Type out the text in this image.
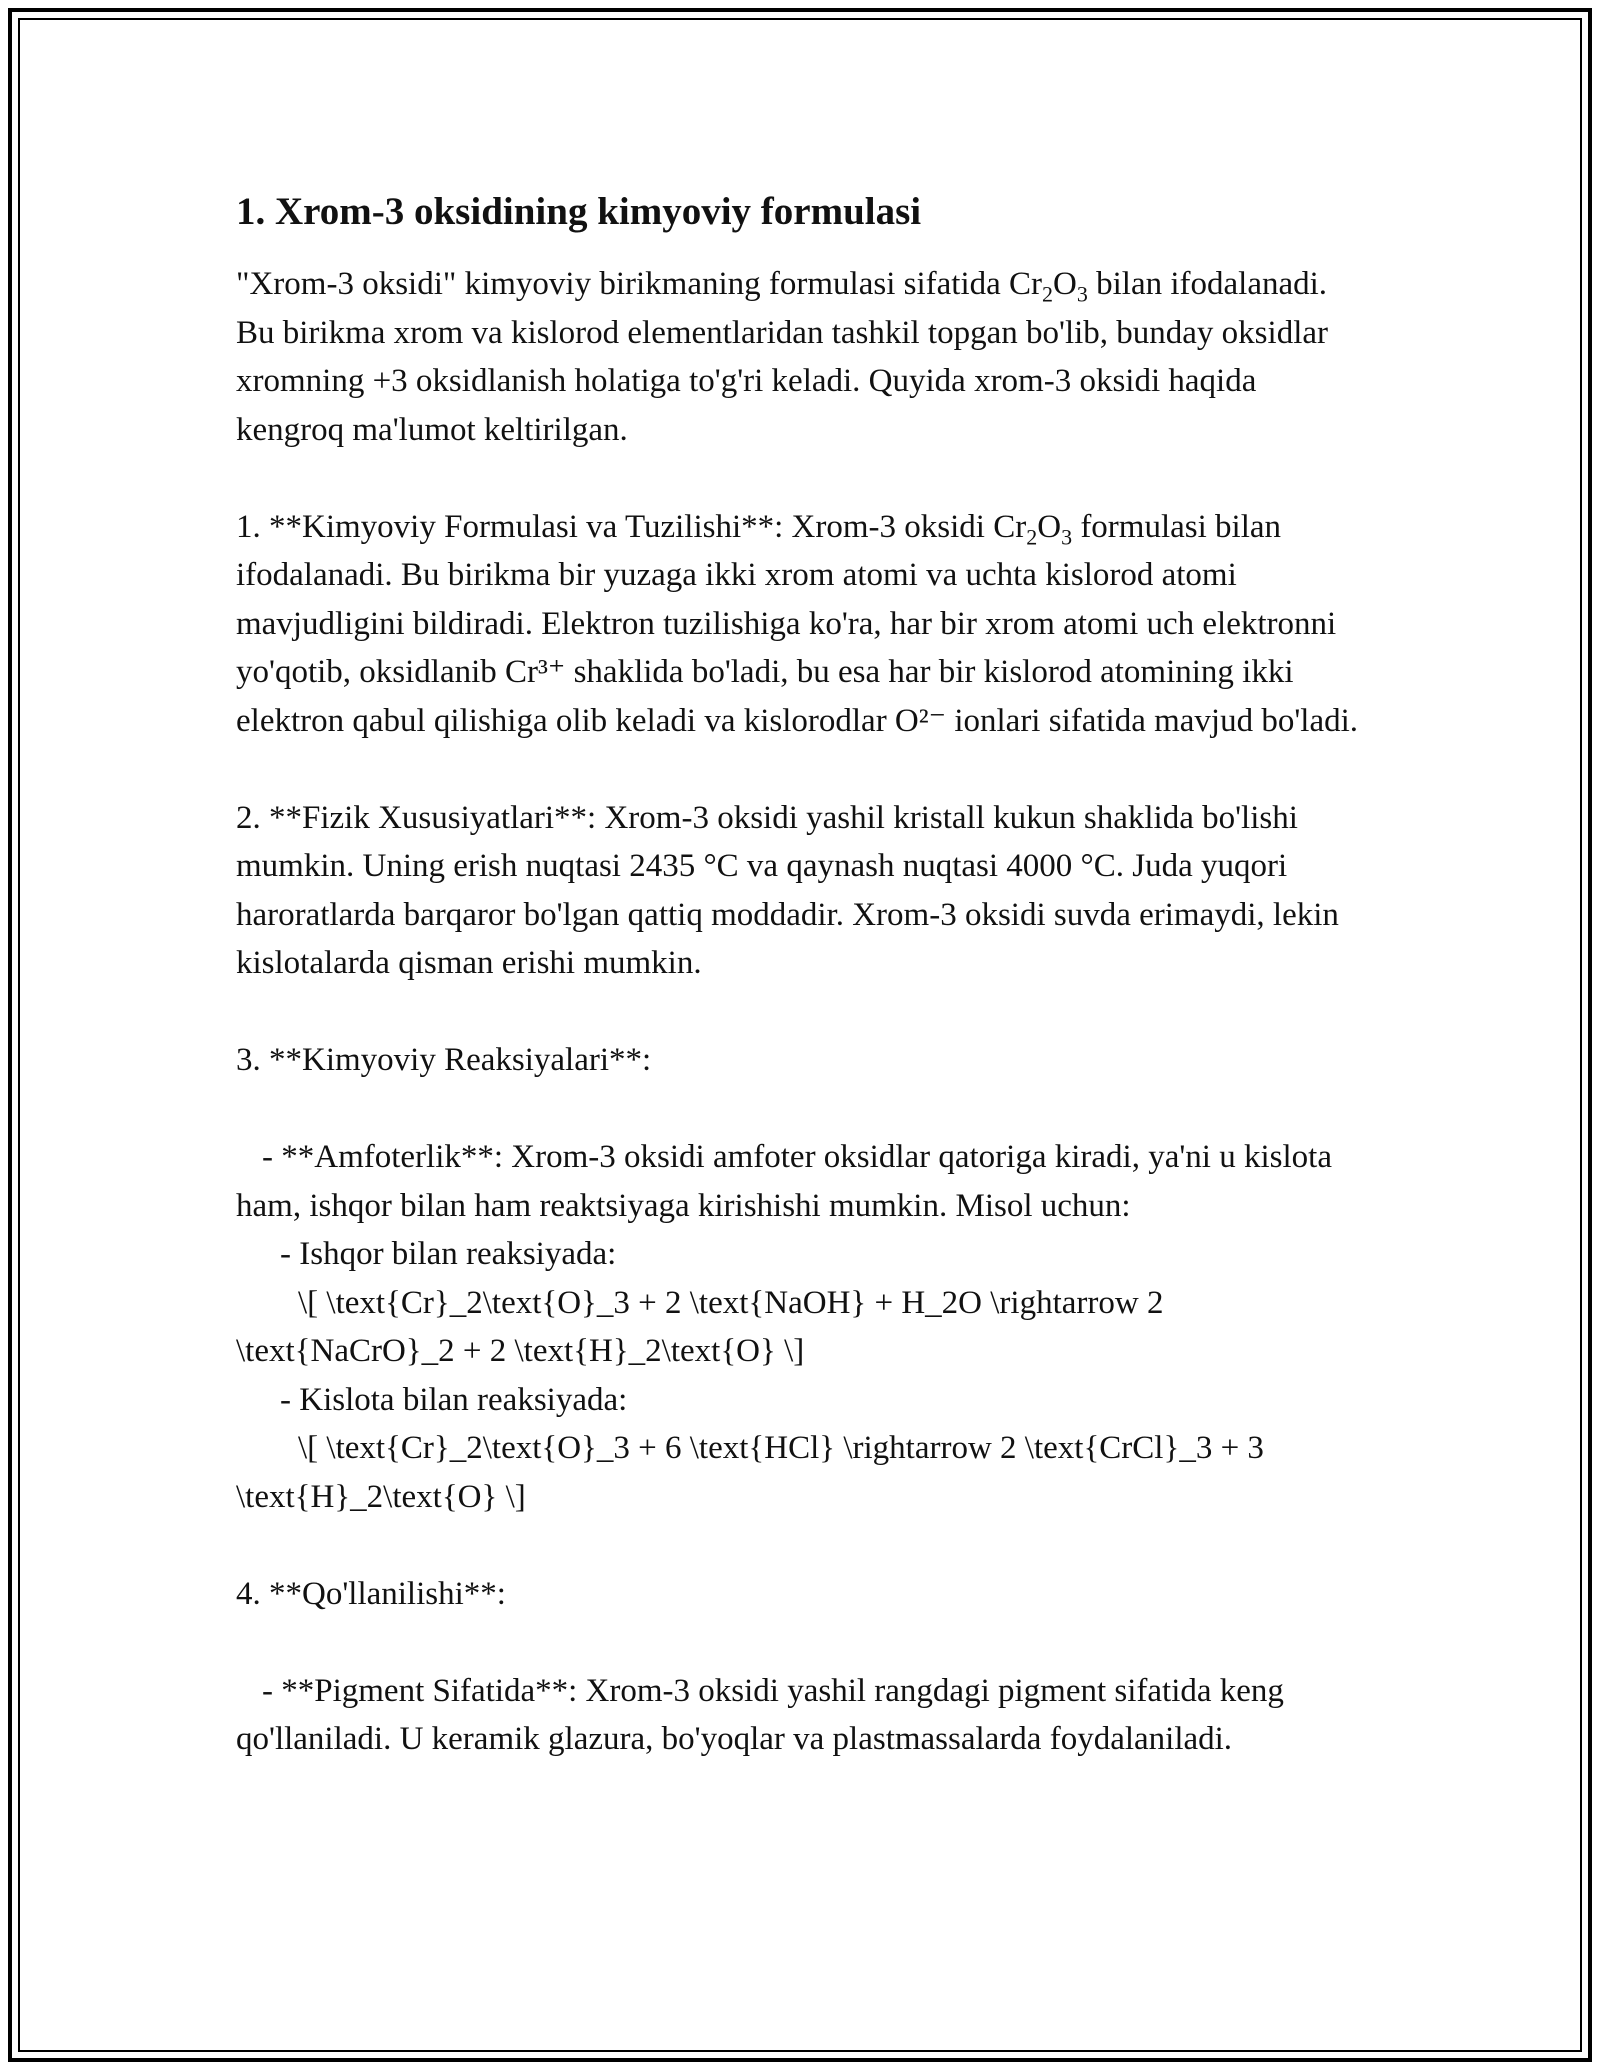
1. Xrom-3 oksidining kimyoviy formulasi

"Xrom-3 oksidi" kimyoviy birikmaning formulasi sifatida $Cr_2O_3$ bilan ifodalanadi. Bu birikma xrom va kislorod elementlaridan tashkil topgan bo'lib, bunday oksidlar xromning +3 oksidlanish holatiga to'g'ri keladi. Quyida xrom-3 oksidi haqida kengroq ma'lumot keltirilgan.

1. **Kimyoviy Formulasi va Tuzilishi**: Xrom-3 oksidi $Cr_2O_3$ formulasi bilan ifodalanadi. Bu birikma bir yuzaga ikki xrom atomi va uchta kislorod atomi mavjudligini bildiradi. Elektron tuzilishiga ko'ra, har bir xrom atomi uch elektronni yo'qotib, oksidlanib Cr³⁺ shaklida bo'ladi, bu esa har bir kislorod atomining ikki elektron qabul qilishiga olib keladi va kislorodlar O²⁻ ionlari sifatida mavjud bo'ladi.

2. **Fizik Xususiyatlari**: Xrom-3 oksidi yashil kristall kukun shaklida bo'lishi mumkin. Uning erish nuqtasi 2435 °C va qaynash nuqtasi 4000 °C. Juda yuqori haroratlarda barqaror bo'lgan qattiq moddadir. Xrom-3 oksidi suvda erimaydi, lekin kislotalarda qisman erishi mumkin.

3. **Kimyoviy Reaksiyalari**:

- **Amfoterlik**: Xrom-3 oksidi amfoter oksidlar qatoriga kiradi, ya'ni u kislota ham, ishqor bilan ham reaktsiyaga kirishishi mumkin. Misol uchun:

- Ishqor bilan reaksiyada:

\[ \text{Cr}_2\text{O}_3 + 2 \text{NaOH} + H_2O \rightarrow 2 \text{NaCrO}_2 + 2 \text{H}_2\text{O} \]

- Kislota bilan reaksiyada:

\[ \text{Cr}_2\text{O}_3 + 6 \text{HCl} \rightarrow 2 \text{CrCl}_3 + 3 \text{H}_2\text{O} \]

4. **Qo'llanilishi**:

- **Pigment Sifatida**: Xrom-3 oksidi yashil rangdagi pigment sifatida keng qo'llaniladi. U keramik glazura, bo'yoqlar va plastmassalarda foydalaniladi.
